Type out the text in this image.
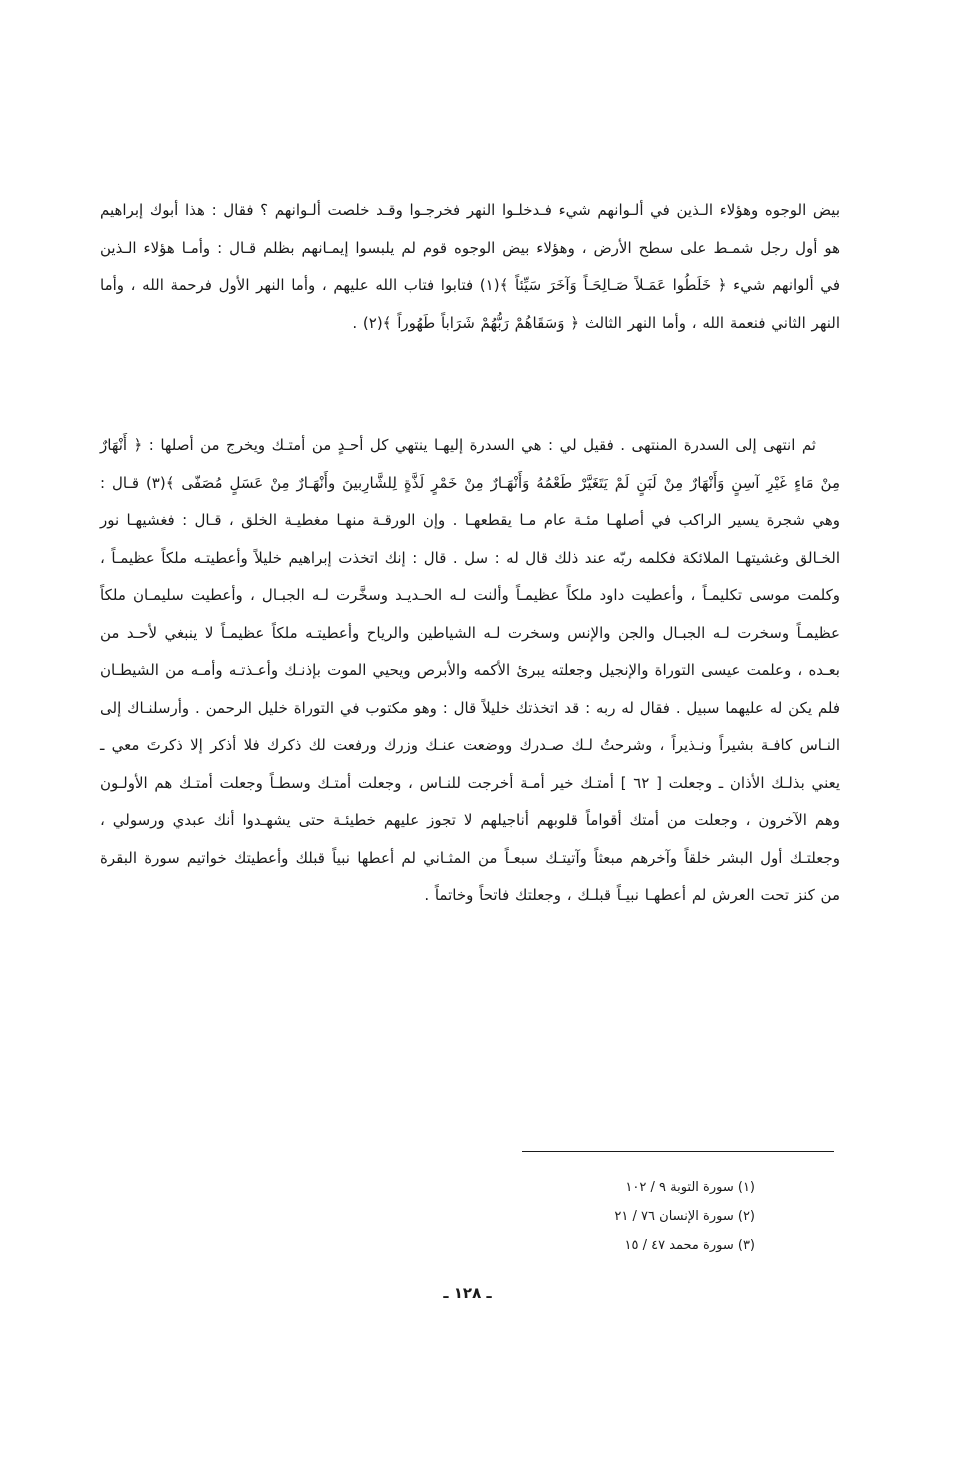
بيض الوجوه وهؤلاء الـذين في ألـوانهم شيء فـدخلـوا النهر فخرجـوا وقـد خلصت ألـوانهم ؟ فقال : هذا أبوك إبراهيم هو أول رجل شمـط على سطح الأرض ، وهؤلاء بيض الوجوه قوم لم يلبسوا إيمـانهم بظلم قـال : وأمـا هؤلاء الـذين في ألوانهم شيء ﴿ خَلَطُوا عَمَـلاً صَـالِحَـاً وَآخَرَ سَيِّئاً ﴾(١) فتابوا فتاب الله عليهم ، وأما النهر الأول فرحمة الله ، وأما النهر الثاني فنعمة الله ، وأما النهر الثالث ﴿ وَسَقَاهُمْ رَبُّهُمْ شَرَاباً طَهُوراً ﴾(٢) .

ثم انتهى إلى السدرة المنتهى . فقيل لي : هي السدرة إليهـا ينتهي كل أحـدٍ من أمتـك ويخرج من أصلها : ﴿ أَنْهَارٌ مِنْ مَاءٍ غَيْرِ آسِنٍ وَأَنْهَارٌ مِنْ لَبَنٍ لَمْ يَتَغَيَّرْ طَعْمُهُ وَأَنْهَـارٌ مِنْ خَمْرٍ لَذَّةٍ لِلشَّارِبينَ وأَنْهَـارٌ مِنْ عَسَلٍ مُصَفّى ﴾(٣) قـال : وهي شجرة يسير الراكب في أصلهـا مئـة عام مـا يقطعهـا . وإن الورقـة منهـا مغطيـة الخلق ، قـال : فغشيهـا نور الخـالق وغشيتهـا الملائكة فكلمه ربّه عند ذلك قال له : سل . قال : إنك اتخذت إبراهيم خليلاً وأعطيتـه ملكاً عظيمـاً ، وكلمت موسى تكليمـاً ، وأعطيت داود ملكاً عظيمـاً وألنت لـه الحـديـد وسخَّرت لـه الجبـال ، وأعطيت سليمـان ملكاً عظيمـاً وسخرت لـه الجبـال والجن والإنس وسخرت لـه الشياطين والرياح وأعطيتـه ملكاً عظيمـاً لا ينبغي لأحـد من بعـده ، وعلمت عيسى التوراة والإنجيل وجعلته يبرئ الأكمه والأبرص ويحيي الموت بإذنـك وأعـذتـه وأمـه من الشيطـان فلم يكن له عليهما سبيل . فقال له ربه : قد اتخذتك خليلاً قال : وهو مكتوب في التوراة خليل الرحمن . وأرسلنـاك إلى النـاس كافـة بشيراً ونـذيراً ، وشرحتُ لـك صـدرك ووضعت عنـك وزرك ورفعت لك ذكرك فلا أذكر إلا ذكرتَ معي ـ يعني بذلـك الأذان ـ وجعلت [ ٦٢ ] أمتـك خير أمـة أخرجت للنـاس ، وجعلت أمتـك وسطـاً وجعلت أمتـك هم الأولـون وهم الآخرون ، وجعلت من أمتك أقواماً قلوبهم أناجيلهم لا تجوز عليهم خطيئـة حتى يشهـدوا أنك عبدي ورسولي ، وجعلتـك أول البشر خلقاً وآخرهم مبعثاً وآتيتـك سبعـاً من المثـاني لم أعطها نبياً قبلك وأعطيتك خواتيم سورة البقرة من كنز تحت العرش لم أعطهـا نبيـاً قبلـك ، وجعلتك فاتحاً وخاتماً .

(١) سورة التوبة ٩ / ١٠٢
(٢) سورة الإنسان ٧٦ / ٢١
(٣) سورة محمد ٤٧ / ١٥
ـ ١٢٨ ـ
